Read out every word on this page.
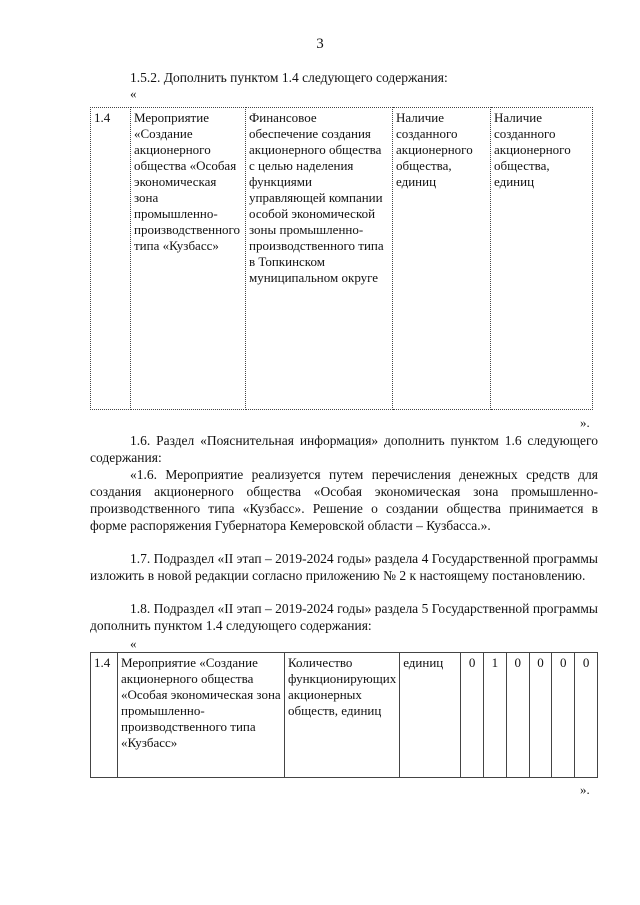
3

1.5.2. Дополнить пунктом 1.4 следующего содержания:

«
1.4	Мероприятие «Создание акционерного общества «Особая экономическая зона промышленно-производственного типа «Кузбасс»	Финансовое обеспечение создания акционерного общества с целью наделения функциями управляющей компании особой экономической зоны промышленно-производственного типа в Топкинском муниципальном округе	Наличие созданного акционерного общества, единиц	Наличие созданного акционерного общества, единиц
».

1.6. Раздел «Пояснительная информация» дополнить пунктом 1.6 следующего содержания:

«1.6. Мероприятие реализуется путем перечисления денежных средств для создания акционерного общества «Особая экономическая зона промышленно-производственного типа «Кузбасс». Решение о создании общества принимается в форме распоряжения Губернатора Кемеровской области – Кузбасса.».

1.7. Подраздел «II этап – 2019-2024 годы» раздела 4 Государственной программы изложить в новой редакции согласно приложению № 2 к настоящему постановлению.

1.8. Подраздел «II этап – 2019-2024 годы» раздела 5 Государственной программы дополнить пунктом 1.4 следующего содержания:

«
1.4	Мероприятие «Создание акционерного общества «Особая экономическая зона промышленно-производственного типа «Кузбасс»	Количество функционирующих акционерных обществ, единиц	единиц	0	1	0	0	0	0
».
